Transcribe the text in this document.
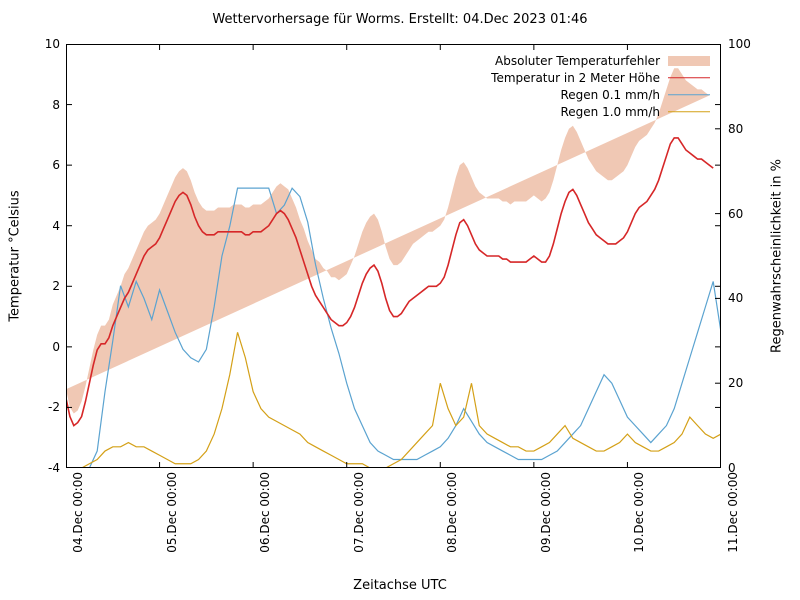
Wettervorhersage für Worms. Erstellt: 04.Dec 2023 01:46
Temperatur °Celsius	Regenwahrscheinlichkeit in %
Zeitachse UTC
-4
-2
0
2
4
6
8
10
0
20
40
60
80
100
04.Dec 00:00	05.Dec 00:00	06.Dec 00:00	07.Dec 00:00	08.Dec 00:00	09.Dec 00:00	10.Dec 00:00	11.Dec 00:00
Absoluter Temperaturfehler
Temperatur in 2 Meter Höhe
Regen 0.1 mm/h
Regen 1.0 mm/h
